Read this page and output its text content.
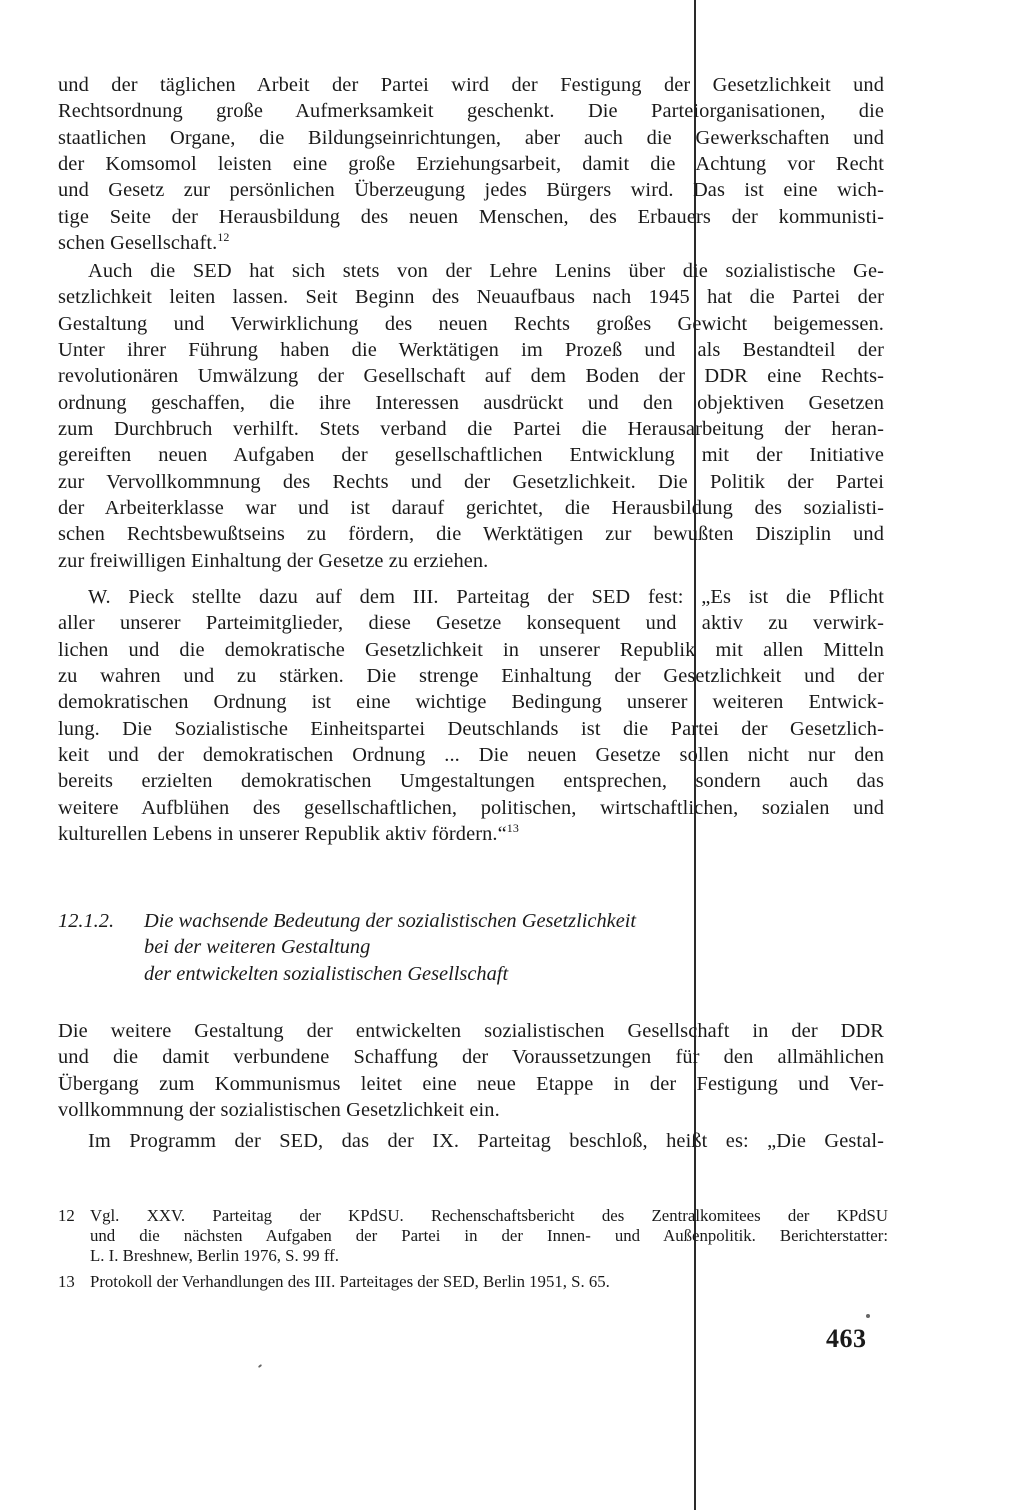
und der täglichen Arbeit der Partei wird der Festigung der Gesetzlichkeit und
Rechtsordnung große Aufmerksamkeit geschenkt. Die Parteiorganisationen, die
staatlichen Organe, die Bildungseinrichtungen, aber auch die Gewerkschaften und
der Komsomol leisten eine große Erziehungsarbeit, damit die Achtung vor Recht
und Gesetz zur persönlichen Überzeugung jedes Bürgers wird. Das ist eine wich-
tige Seite der Herausbildung des neuen Menschen, des Erbauers der kommunisti-
schen Gesellschaft.$^{12}$
Auch die SED hat sich stets von der Lehre Lenins über die sozialistische Ge-
setzlichkeit leiten lassen. Seit Beginn des Neuaufbaus nach 1945 hat die Partei der
Gestaltung und Verwirklichung des neuen Rechts großes Gewicht beigemessen.
Unter ihrer Führung haben die Werktätigen im Prozeß und als Bestandteil der
revolutionären Umwälzung der Gesellschaft auf dem Boden der DDR eine Rechts-
ordnung geschaffen, die ihre Interessen ausdrückt und den objektiven Gesetzen
zum Durchbruch verhilft. Stets verband die Partei die Herausarbeitung der heran-
gereiften neuen Aufgaben der gesellschaftlichen Entwicklung mit der Initiative
zur Vervollkommnung des Rechts und der Gesetzlichkeit. Die Politik der Partei
der Arbeiterklasse war und ist darauf gerichtet, die Herausbildung des sozialisti-
schen Rechtsbewußtseins zu fördern, die Werktätigen zur bewußten Disziplin und
zur freiwilligen Einhaltung der Gesetze zu erziehen.
W. Pieck stellte dazu auf dem III. Parteitag der SED fest: „Es ist die Pflicht
aller unserer Parteimitglieder, diese Gesetze konsequent und aktiv zu verwirk-
lichen und die demokratische Gesetzlichkeit in unserer Republik mit allen Mitteln
zu wahren und zu stärken. Die strenge Einhaltung der Gesetzlichkeit und der
demokratischen Ordnung ist eine wichtige Bedingung unserer weiteren Entwick-
lung. Die Sozialistische Einheitspartei Deutschlands ist die Partei der Gesetzlich-
keit und der demokratischen Ordnung ... Die neuen Gesetze sollen nicht nur den
bereits erzielten demokratischen Umgestaltungen entsprechen, sondern auch das
weitere Aufblühen des gesellschaftlichen, politischen, wirtschaftlichen, sozialen und
kulturellen Lebens in unserer Republik aktiv fördern.“$^{13}$
12.1.2. Die wachsende Bedeutung der sozialistischen Gesetzlichkeit
bei der weiteren Gestaltung
der entwickelten sozialistischen Gesellschaft
Die weitere Gestaltung der entwickelten sozialistischen Gesellschaft in der DDR
und die damit verbundene Schaffung der Voraussetzungen für den allmählichen
Übergang zum Kommunismus leitet eine neue Etappe in der Festigung und Ver-
vollkommnung der sozialistischen Gesetzlichkeit ein.
Im Programm der SED, das der IX. Parteitag beschloß, heißt es: „Die Gestal-
12 Vgl. XXV. Parteitag der KPdSU. Rechenschaftsbericht des Zentralkomitees der KPdSU
und die nächsten Aufgaben der Partei in der Innen- und Außenpolitik. Berichterstatter:
L. I. Breshnew, Berlin 1976, S. 99 ff.
13 Protokoll der Verhandlungen des III. Parteitages der SED, Berlin 1951, S. 65.
463
